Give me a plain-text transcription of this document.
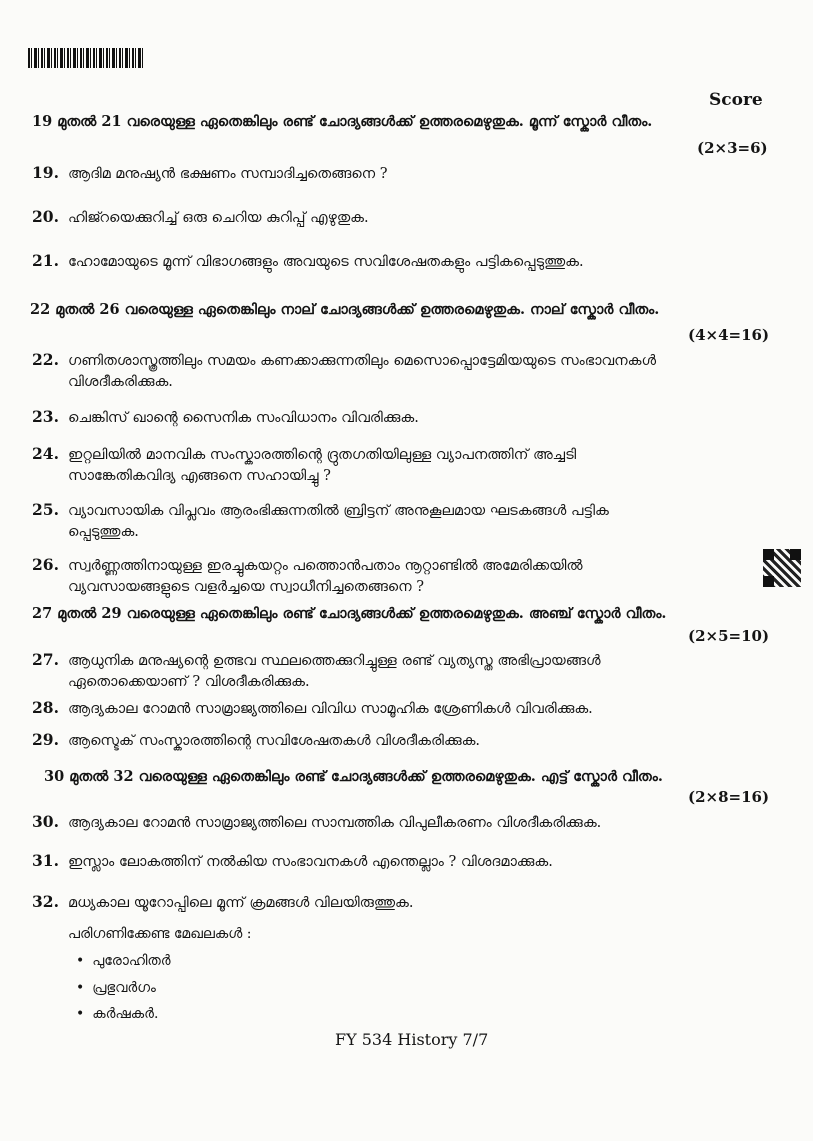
Score
19 മുതൽ 21 വരെയുള്ള ഏതെങ്കിലും രണ്ട് ചോദ്യങ്ങൾക്ക് ഉത്തരമെഴുതുക. മൂന്ന് സ്കോർ വീതം.
(2×3=6)
19. ആദിമ മനുഷ്യൻ ഭക്ഷണം സമ്പാദിച്ചതെങ്ങനെ ?
20. ഹിജ്റയെക്കുറിച്ച് ഒരു ചെറിയ കുറിപ്പ് എഴുതുക.
21. ഹോമോയുടെ മൂന്ന് വിഭാഗങ്ങളും അവയുടെ സവിശേഷതകളും പട്ടികപ്പെടുത്തുക.
22 മുതൽ 26 വരെയുള്ള ഏതെങ്കിലും നാല് ചോദ്യങ്ങൾക്ക് ഉത്തരമെഴുതുക. നാല് സ്കോർ വീതം.
(4×4=16)
22. ഗണിതശാസ്ത്രത്തിലും സമയം കണക്കാക്കുന്നതിലും മെസൊപ്പൊട്ടേമിയയുടെ സംഭാവനകൾ
വിശദീകരിക്കുക.
23. ചെങ്കിസ് ഖാന്റെ സൈനിക സംവിധാനം വിവരിക്കുക.
24. ഇറ്റലിയിൽ മാനവിക സംസ്കാരത്തിന്റെ ദ്രുതഗതിയിലുള്ള വ്യാപനത്തിന് അച്ചടി
സാങ്കേതികവിദ്യ എങ്ങനെ സഹായിച്ചു ?
25. വ്യാവസായിക വിപ്ലവം ആരംഭിക്കുന്നതിൽ ബ്രിട്ടന് അനുകൂലമായ ഘടകങ്ങൾ പട്ടിക
പ്പെടുത്തുക.
26. സ്വർണ്ണത്തിനായുള്ള ഇരച്ചുകയറ്റം പത്തൊൻപതാം നൂറ്റാണ്ടിൽ അമേരിക്കയിൽ
വ്യവസായങ്ങളുടെ വളർച്ചയെ സ്വാധീനിച്ചതെങ്ങനെ ?
27 മുതൽ 29 വരെയുള്ള ഏതെങ്കിലും രണ്ട് ചോദ്യങ്ങൾക്ക് ഉത്തരമെഴുതുക. അഞ്ച് സ്കോർ വീതം.
(2×5=10)
27. ആധുനിക മനുഷ്യന്റെ ഉത്ഭവ സ്ഥലത്തെക്കുറിച്ചുള്ള രണ്ട് വ്യത്യസ്ത അഭിപ്രായങ്ങൾ
ഏതൊക്കെയാണ് ? വിശദീകരിക്കുക.
28. ആദ്യകാല റോമൻ സാമ്രാജ്യത്തിലെ വിവിധ സാമൂഹിക ശ്രേണികൾ വിവരിക്കുക.
29. ആസ്ടെക് സംസ്കാരത്തിന്റെ സവിശേഷതകൾ വിശദീകരിക്കുക.
30 മുതൽ 32 വരെയുള്ള ഏതെങ്കിലും രണ്ട് ചോദ്യങ്ങൾക്ക് ഉത്തരമെഴുതുക. എട്ട് സ്കോർ വീതം.
(2×8=16)
30. ആദ്യകാല റോമൻ സാമ്രാജ്യത്തിലെ സാമ്പത്തിക വിപുലീകരണം വിശദീകരിക്കുക.
31. ഇസ്ലാം ലോകത്തിന് നൽകിയ സംഭാവനകൾ എന്തെല്ലാം ? വിശദമാക്കുക.
32. മധ്യകാല യൂറോപ്പിലെ മൂന്ന് ക്രമങ്ങൾ വിലയിരുത്തുക.
പരിഗണിക്കേണ്ട മേഖലകൾ :
• പുരോഹിതർ
• പ്രഭുവർഗം
• കർഷകർ.
FY 534 History 7/7
